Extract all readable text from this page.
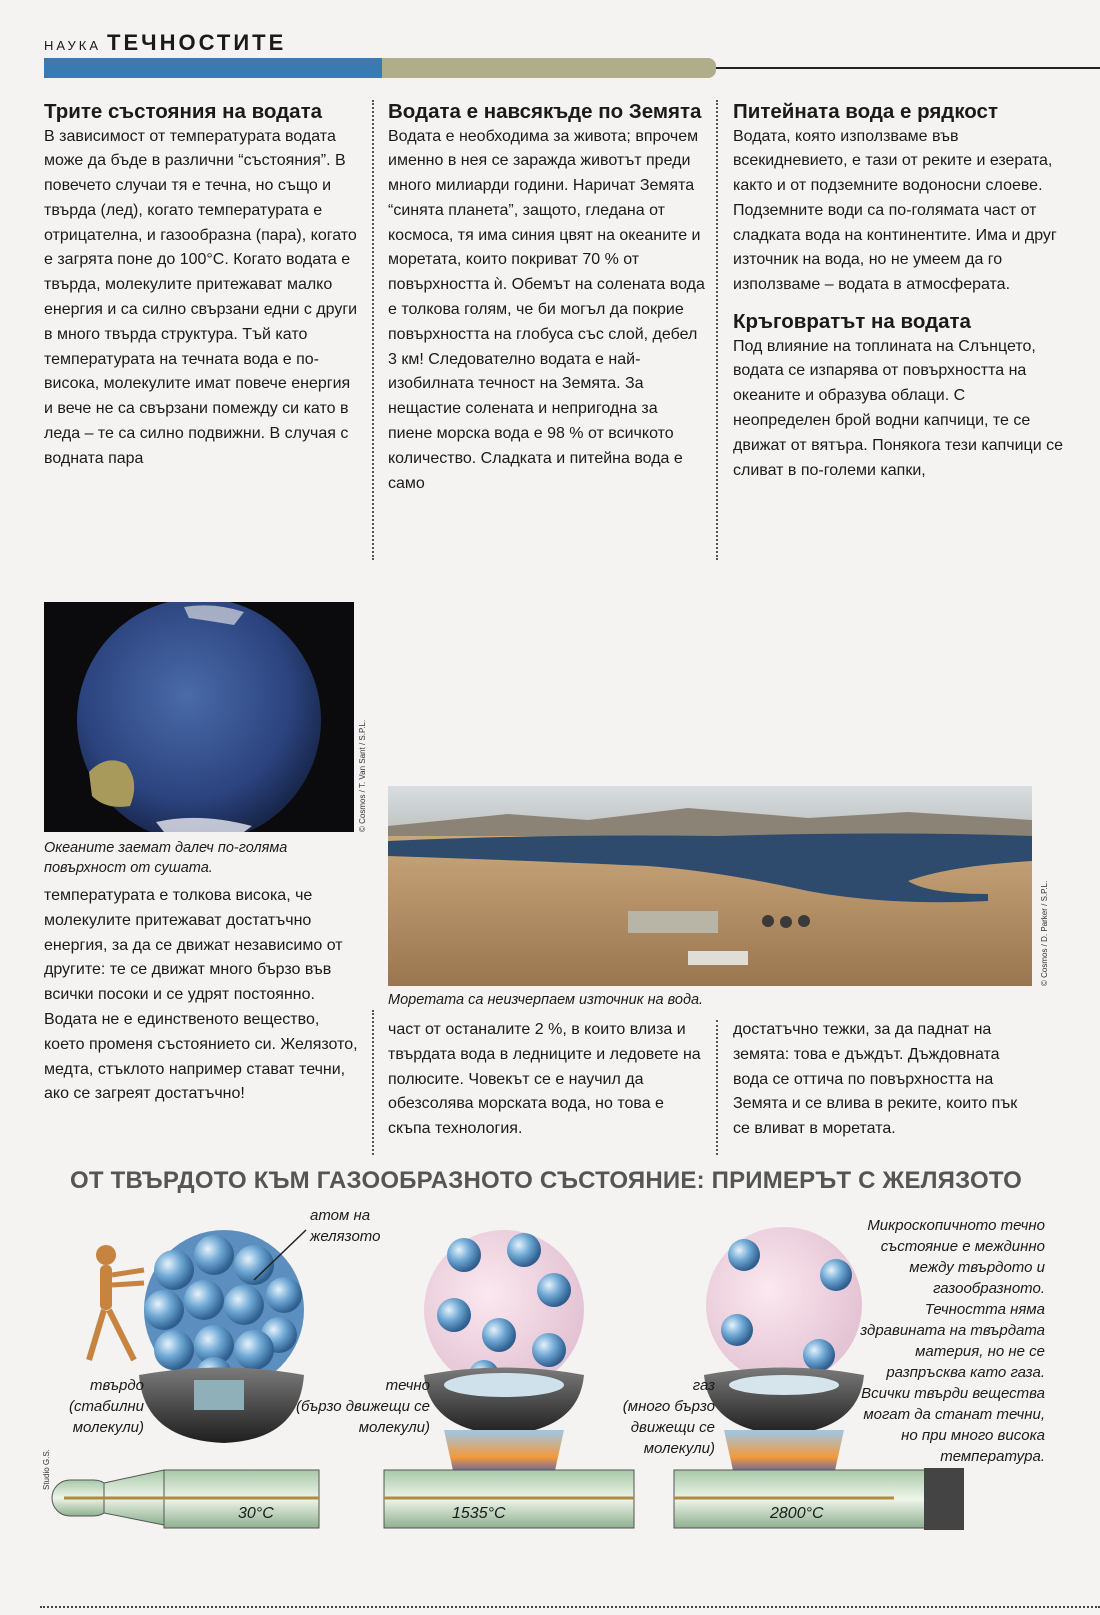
НАУКА ТЕЧНОСТИТЕ
Трите състояния на водата

В зависимост от температурата водата може да бъде в различни “състояния”. В повечето случаи тя е течна, но също и твърда (лед), когато температурата е отрицателна, и газообразна (пара), когато е загрята поне до 100°С. Когато водата е твърда, молекулите притежават малко енергия и са силно свързани едни с други в много твърда структура. Тъй като температурата на течната вода е по-висока, молекулите имат повече енергия и вече не са свързани помежду си като в леда – те са силно подвижни. В случая с водната пара

Водата е навсякъде по Земята

Водата е необходима за живота; впрочем именно в нея се заражда животът преди много милиарди години. Наричат Земята “синята планета”, защото, гледана от космоса, тя има синия цвят на океаните и моретата, които покриват 70 % от повърхността ѝ. Обемът на солената вода е толкова голям, че би могъл да покрие повърхността на глобуса със слой, дебел 3 км! Следователно водата е най-изобилната течност на Земята. За нещастие солената и непригодна за пиене морска вода е 98 % от всичкото количество. Сладката и питейна вода е само

Питейната вода е рядкост

Водата, която използваме във всекидневието, е тази от реките и езерата, както и от подземните водоносни слоеве. Подземните води са по-голямата част от сладката вода на континентите. Има и друг източник на вода, но не умеем да го използваме – водата в атмосферата.

Кръговратът на водата

Под влияние на топлината на Слънцето, водата се изпарява от повърхността на океаните и образува облаци. С неопределен брой водни капчици, те се движат от вятъра. Понякога тези капчици се сливат в по-големи капки,

© Cosmos / T. Van Sant / S.P.L.
Океаните заемат далеч по-голяма повърхност от сушата.

температурата е толкова висока, че молекулите притежават достатъчно енергия, за да се движат независимо от другите: те се движат много бързо във всички посоки и се удрят постоянно. Водата не е единственото вещество, което променя състоянието си. Желязото, медта, стъклото например стават течни, ако се загреят достатъчно!

© Cosmos / D. Parker / S.P.L.
Моретата са неизчерпаем източник на вода.

част от останалите 2 %, в които влиза и твърдата вода в ледниците и ледовете на полюсите. Човекът се е научил да обезсолява морската вода, но това е скъпа технология.

достатъчно тежки, за да паднат на земята: това е дъждът. Дъждовната вода се оттича по повърхността на Земята и се влива в реките, които пък се вливат в моретата.

ОТ ТВЪРДОТО КЪМ ГАЗООБРАЗНОТО СЪСТОЯНИЕ: ПРИМЕРЪТ С ЖЕЛЯЗОТО
атом на желязото
твърдо
(стабилни молекули)
течно
(бързо движещи се молекули)
газ
(много бързо движещи се молекули)
Микроскопичното течно състояние е междинно между твърдото и газообразното. Течността няма здравината на твърдата материя, но не се разпръсква като газа. Всички твърди вещества могат да станат течни, но при много висока температура.
30°C	1535°C	2800°C
Studio G.S.
